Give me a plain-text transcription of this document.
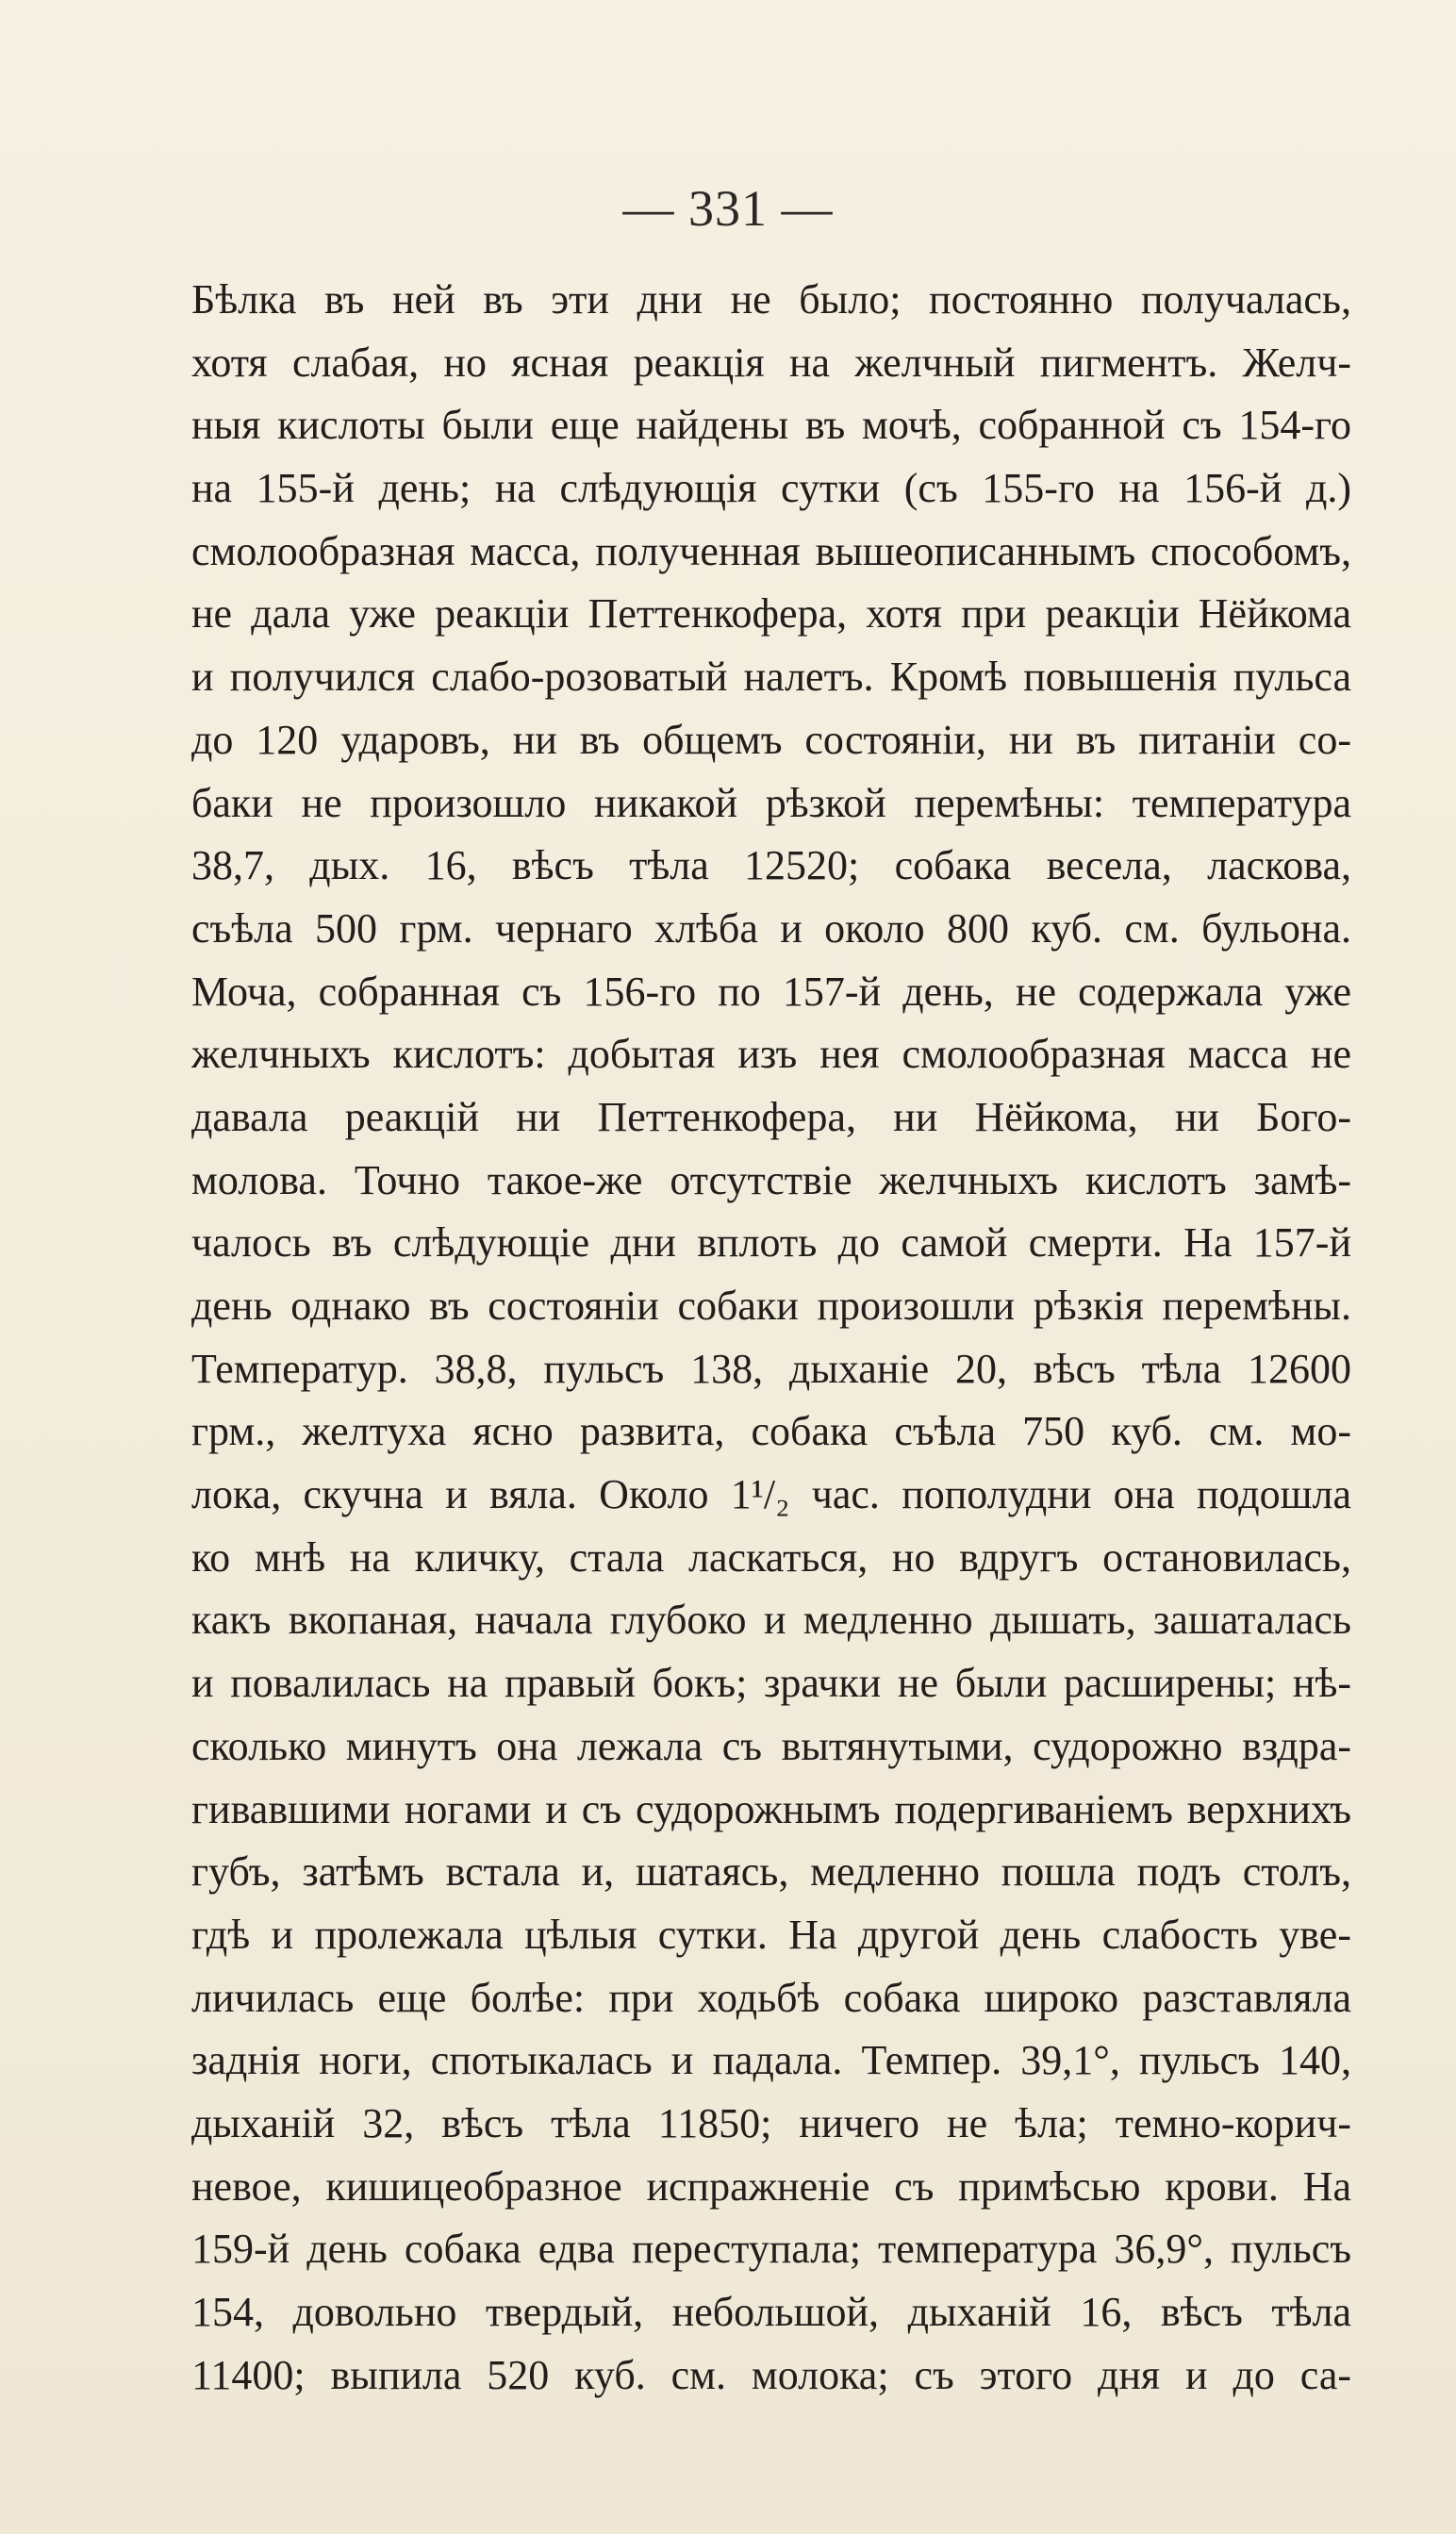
— 331 —
Бѣлка въ ней въ эти дни не было; постоянно получалась,
хотя слабая, но ясная реакція на желчный пигментъ. Желч-
ныя кислоты были еще найдены въ мочѣ, собранной съ 154-го
на 155-й день; на слѣдующія сутки (съ 155-го на 156-й д.)
смолообразная масса, полученная вышеописаннымъ способомъ,
не дала уже реакціи Петтенкофера, хотя при реакціи Нёйкома
и получился слабо-розоватый налетъ. Кромѣ повышенія пульса
до 120 ударовъ, ни въ общемъ состояніи, ни въ питаніи со-
баки не произошло никакой рѣзкой перемѣны: температура
38,7, дых. 16, вѣсъ тѣла 12520; собака весела, ласкова,
съѣла 500 грм. чернаго хлѣба и около 800 куб. см. бульона.
Моча, собранная съ 156-го по 157-й день, не содержала уже
желчныхъ кислотъ: добытая изъ нея смолообразная масса не
давала реакцій ни Петтенкофера, ни Нёйкома, ни Бого-
молова. Точно такое-же отсутствіе желчныхъ кислотъ замѣ-
чалось въ слѣдующіе дни вплоть до самой смерти. На 157-й
день однако въ состояніи собаки произошли рѣзкія перемѣны.
Температур. 38,8, пульсъ 138, дыханіе 20, вѣсъ тѣла 12600
грм., желтуха ясно развита, собака съѣла 750 куб. см. мо-
лока, скучна и вяла. Около 1¹/₂ час. пополудни она подошла
ко мнѣ на кличку, стала ласкаться, но вдругъ остановилась,
какъ вкопаная, начала глубоко и медленно дышать, зашаталась
и повалилась на правый бокъ; зрачки не были расширены; нѣ-
сколько минутъ она лежала съ вытянутыми, судорожно вздра-
гивавшими ногами и съ судорожнымъ подергиваніемъ верхнихъ
губъ, затѣмъ встала и, шатаясь, медленно пошла подъ столъ,
гдѣ и пролежала цѣлыя сутки. На другой день слабость уве-
личилась еще болѣе: при ходьбѣ собака широко разставляла
заднія ноги, спотыкалась и падала. Темпер. 39,1°, пульсъ 140,
дыханій 32, вѣсъ тѣла 11850; ничего не ѣла; темно-корич-
невое, кишицеобразное испражненіе съ примѣсью крови. На
159-й день собака едва переступала; температура 36,9°, пульсъ
154, довольно твердый, небольшой, дыханій 16, вѣсъ тѣла
11400; выпила 520 куб. см. молока; съ этого дня и до са-
